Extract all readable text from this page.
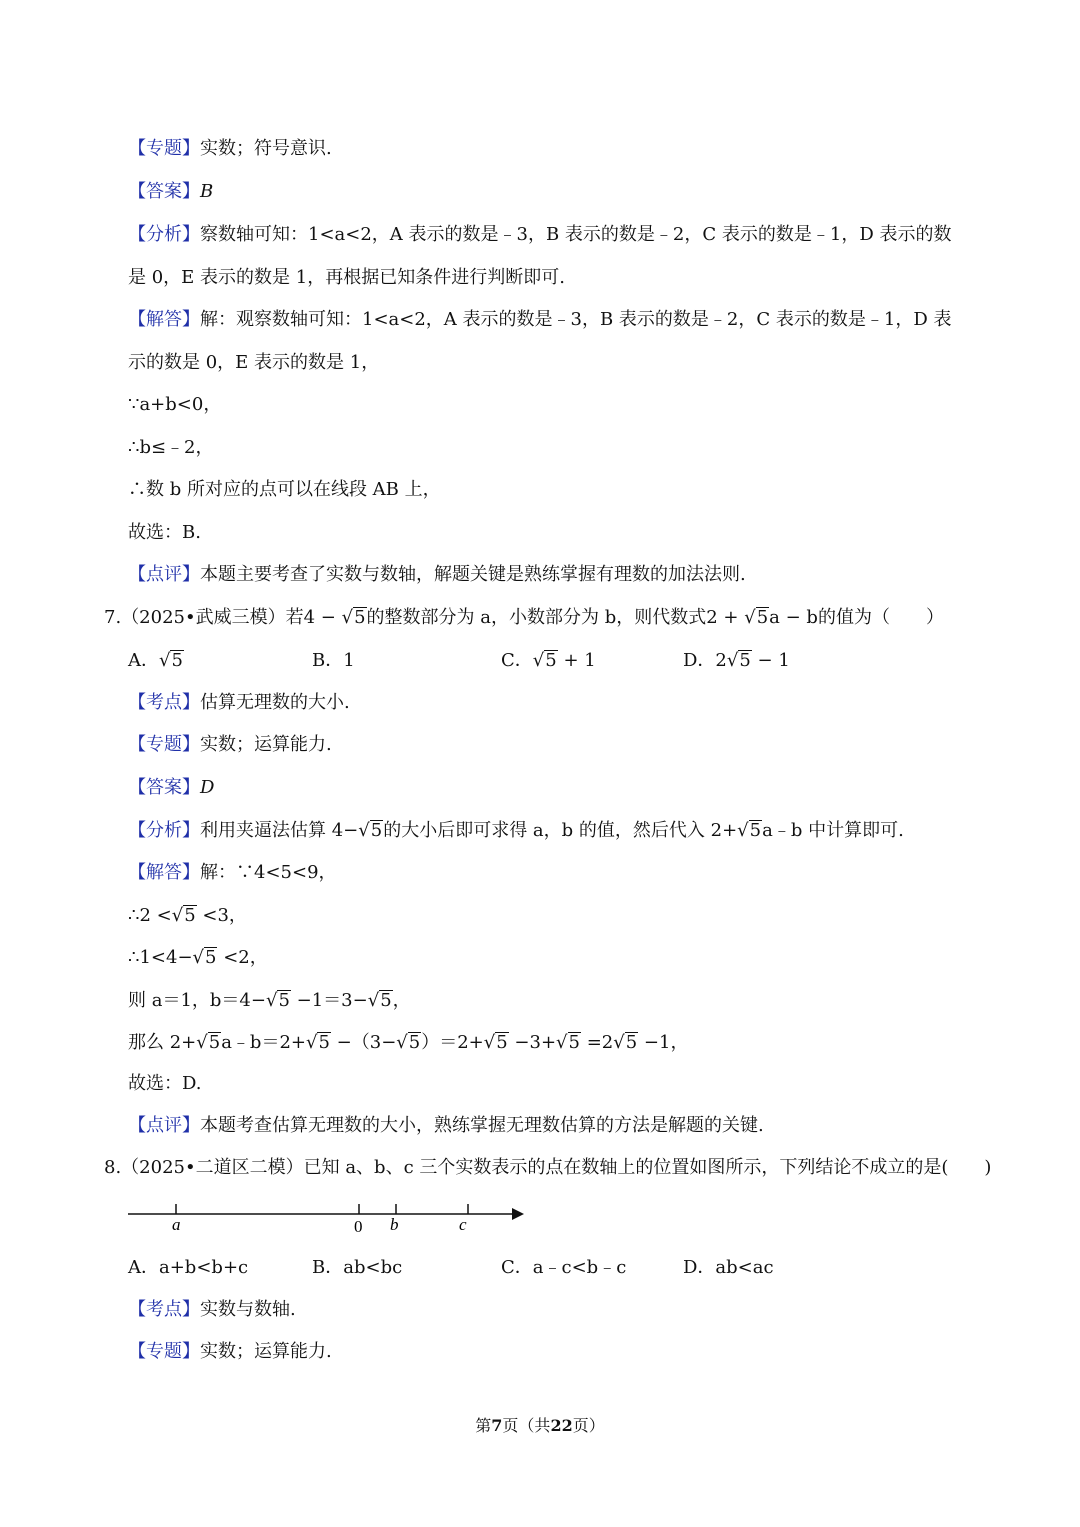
【专题】实数；符号意识.
【答案】B
【分析】察数轴可知：1<a<2，A 表示的数是﹣3，B 表示的数是﹣2，C 表示的数是﹣1，D 表示的数
是 0，E 表示的数是 1，再根据已知条件进行判断即可.
【解答】解：观察数轴可知：1<a<2，A 表示的数是﹣3，B 表示的数是﹣2，C 表示的数是﹣1，D 表
示的数是 0，E 表示的数是 1，
∵a+b<0，
∴b≤﹣2，
∴数 b 所对应的点可以在线段 AB 上，
故选：B.
【点评】本题主要考查了实数与数轴，解题关键是熟练掌握有理数的加法法则.
7.（2025•武威三模）若4 − √5的整数部分为 a，小数部分为 b，则代数式2 + √5a − b的值为（　　）
A．√5	B．1	C．√5 + 1	D．2√5 − 1
【考点】估算无理数的大小.
【专题】实数；运算能力.
【答案】D
【分析】利用夹逼法估算 4−√5的大小后即可求得 a，b 的值，然后代入 2+√5a﹣b 中计算即可.
【解答】解：∵4<5<9，
∴2 <√5 <3，
∴1<4−√5 <2，
则 a＝1，b＝4−√5 −1＝3−√5，
那么 2+√5a﹣b＝2+√5 −（3−√5）＝2+√5 −3+√5 =2√5 −1，
故选：D.
【点评】本题考查估算无理数的大小，熟练掌握无理数估算的方法是解题的关键.
8.（2025•二道区二模）已知 a、b、c 三个实数表示的点在数轴上的位置如图所示，下列结论不成立的是(　　)
a	0 b	c
A．a+b<b+c	B．ab<bc	C．a﹣c<b﹣c	D．ab<ac
【考点】实数与数轴.
【专题】实数；运算能力.
第7页（共22页）
